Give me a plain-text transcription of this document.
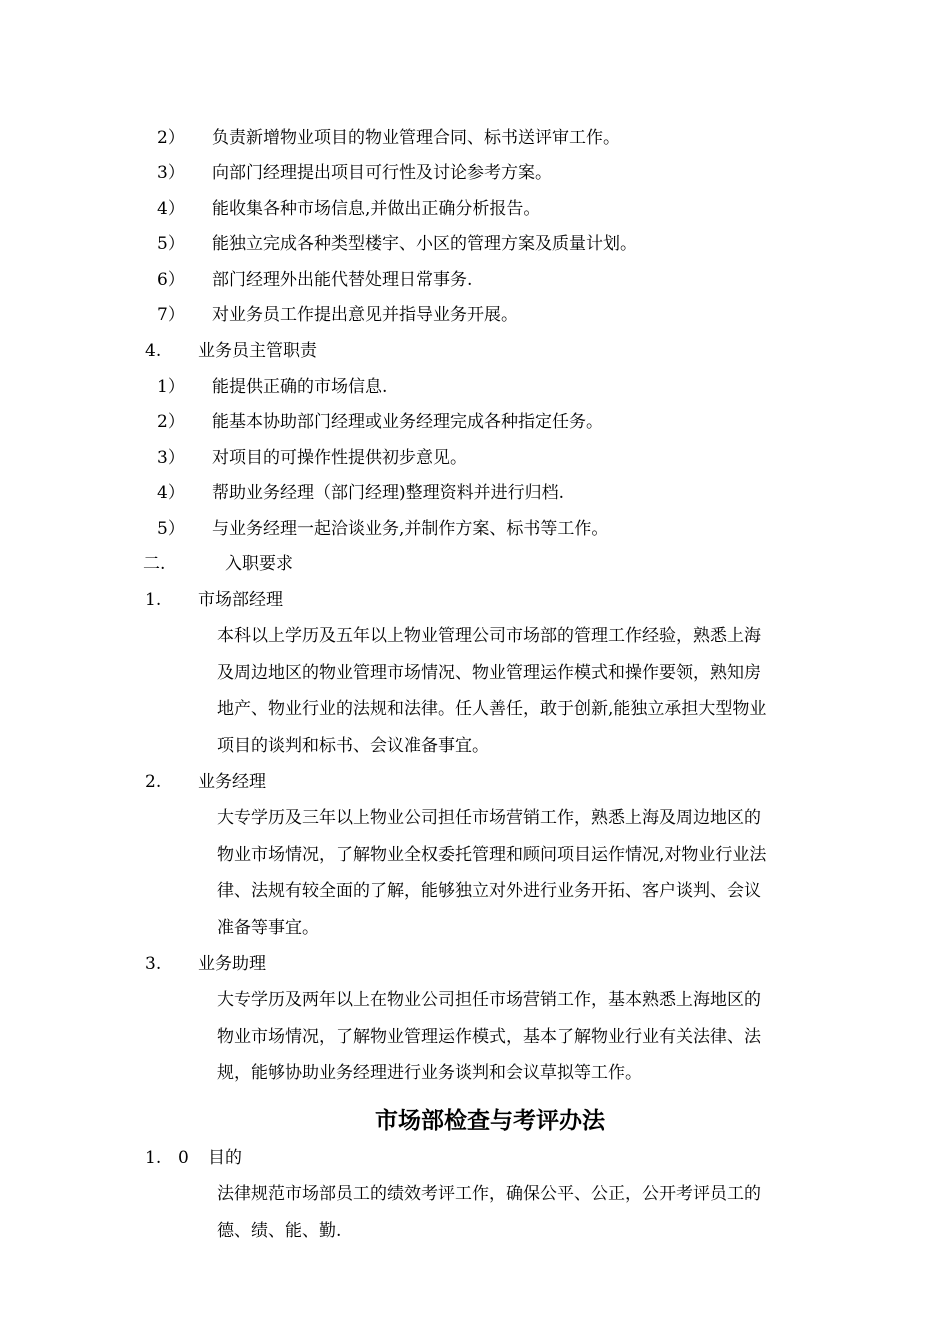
2） 负责新增物业项目的物业管理合同、标书送评审工作。
3） 向部门经理提出项目可行性及讨论参考方案。
4） 能收集各种市场信息,并做出正确分析报告。
5） 能独立完成各种类型楼宇、小区的管理方案及质量计划。
6） 部门经理外出能代替处理日常事务.
7） 对业务员工作提出意见并指导业务开展。
4. 业务员主管职责
1） 能提供正确的市场信息.
2） 能基本协助部门经理或业务经理完成各种指定任务。
3） 对项目的可操作性提供初步意见。
4） 帮助业务经理（部门经理)整理资料并进行归档.
5） 与业务经理一起洽谈业务,并制作方案、标书等工作。
二.	入职要求
1. 市场部经理
本科以上学历及五年以上物业管理公司市场部的管理工作经验，熟悉上海
及周边地区的物业管理市场情况、物业管理运作模式和操作要领，熟知房
地产、物业行业的法规和法律。任人善任，敢于创新,能独立承担大型物业
项目的谈判和标书、会议准备事宜。
2. 业务经理
大专学历及三年以上物业公司担任市场营销工作，熟悉上海及周边地区的
物业市场情况，了解物业全权委托管理和顾问项目运作情况,对物业行业法
律、法规有较全面的了解，能够独立对外进行业务开拓、客户谈判、会议
准备等事宜。
3. 业务助理
大专学历及两年以上在物业公司担任市场营销工作，基本熟悉上海地区的
物业市场情况，了解物业管理运作模式，基本了解物业行业有关法律、法
规，能够协助业务经理进行业务谈判和会议草拟等工作。
市场部检查与考评办法
1. 0 目的
法律规范市场部员工的绩效考评工作，确保公平、公正，公开考评员工的
德、绩、能、勤.
